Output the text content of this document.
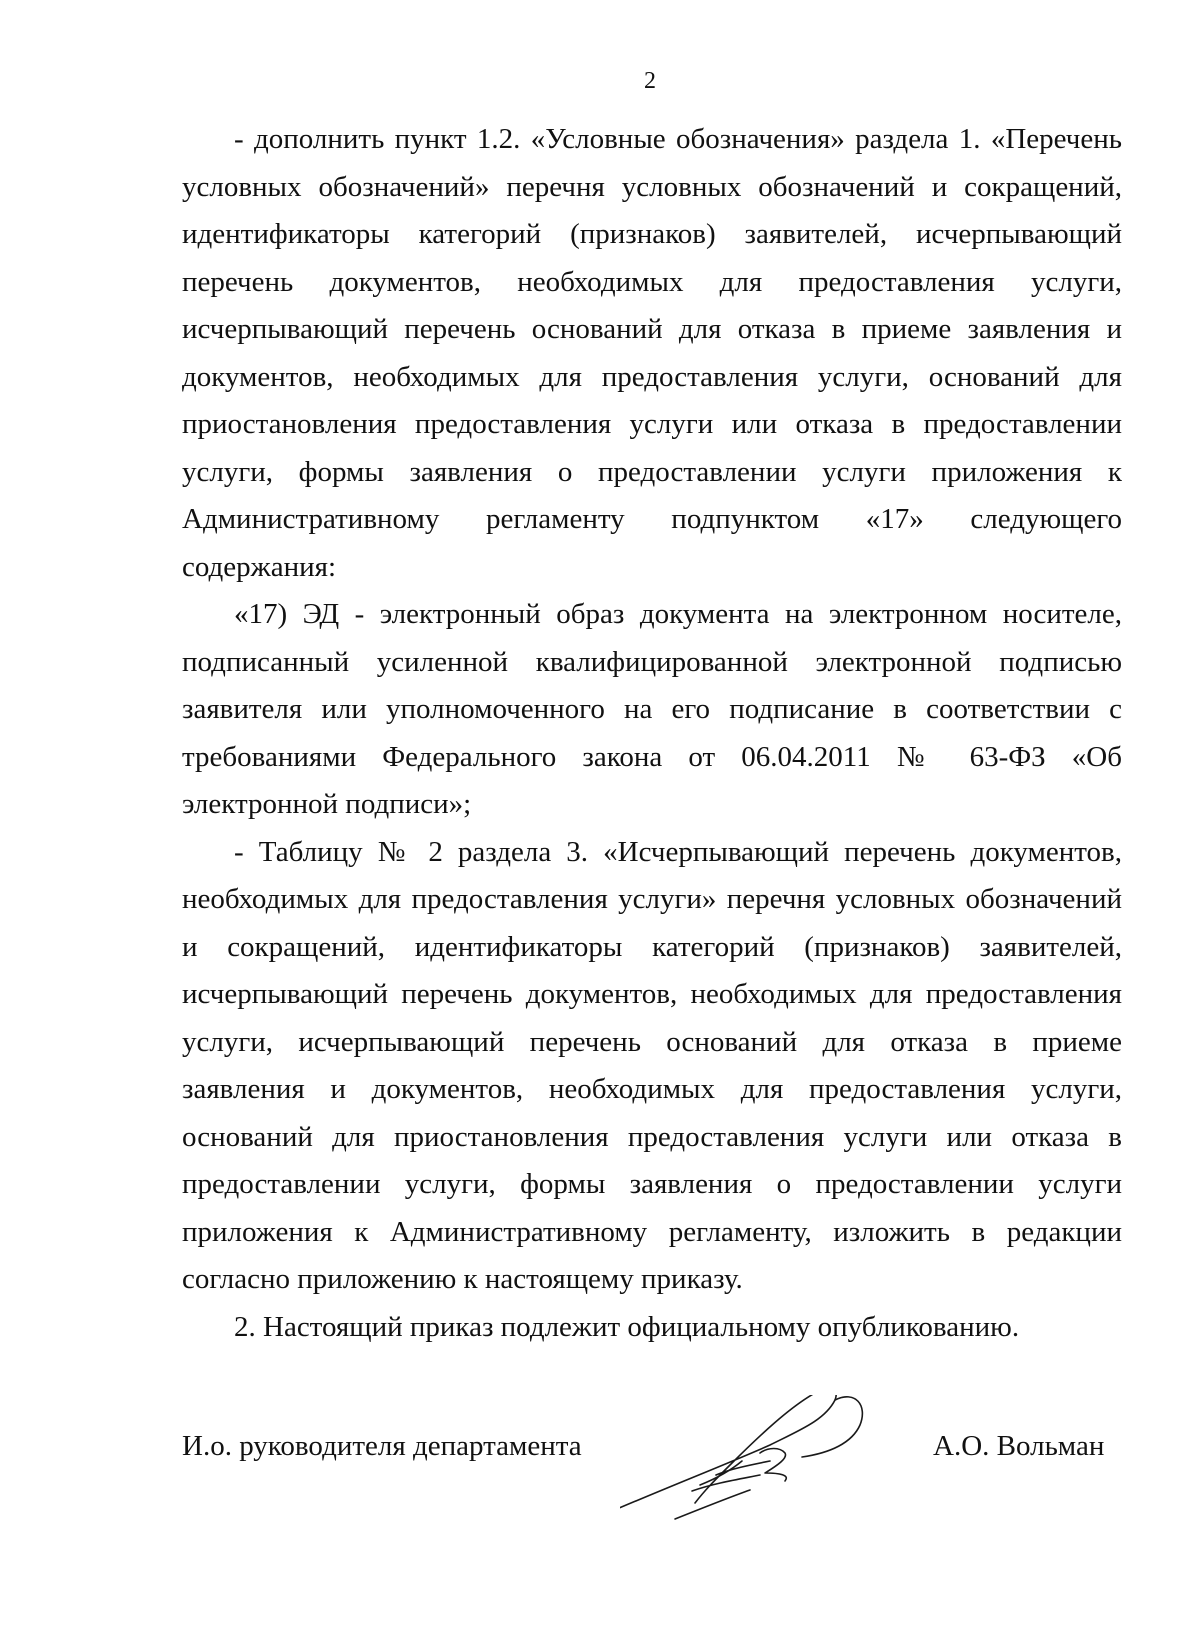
2

- дополнить пункт 1.2. «Условные обозначения» раздела 1. «Перечень условных обозначений» перечня условных обозначений и сокращений, идентификаторы категорий (признаков) заявителей, исчерпывающий перечень документов, необходимых для предоставления услуги, исчерпывающий перечень оснований для отказа в приеме заявления и документов, необходимых для предоставления услуги, оснований для приостановления предоставления услуги или отказа в предоставлении услуги, формы заявления о предоставлении услуги приложения к Административному регламенту подпунктом «17» следующего содержания:

«17) ЭД - электронный образ документа на электронном носителе, подписанный усиленной квалифицированной электронной подписью заявителя или уполномоченного на его подписание в соответствии с требованиями Федерального закона от 06.04.2011 № 63-ФЗ «Об электронной подписи»;

- Таблицу № 2 раздела 3. «Исчерпывающий перечень документов, необходимых для предоставления услуги» перечня условных обозначений и сокращений, идентификаторы категорий (признаков) заявителей, исчерпывающий перечень документов, необходимых для предоставления услуги, исчерпывающий перечень оснований для отказа в приеме заявления и документов, необходимых для предоставления услуги, оснований для приостановления предоставления услуги или отказа в предоставлении услуги, формы заявления о предоставлении услуги приложения к Административному регламенту, изложить в редакции согласно приложению к настоящему приказу.

2. Настоящий приказ подлежит официальному опубликованию.

И.о. руководителя департамента	А.О. Вольман
